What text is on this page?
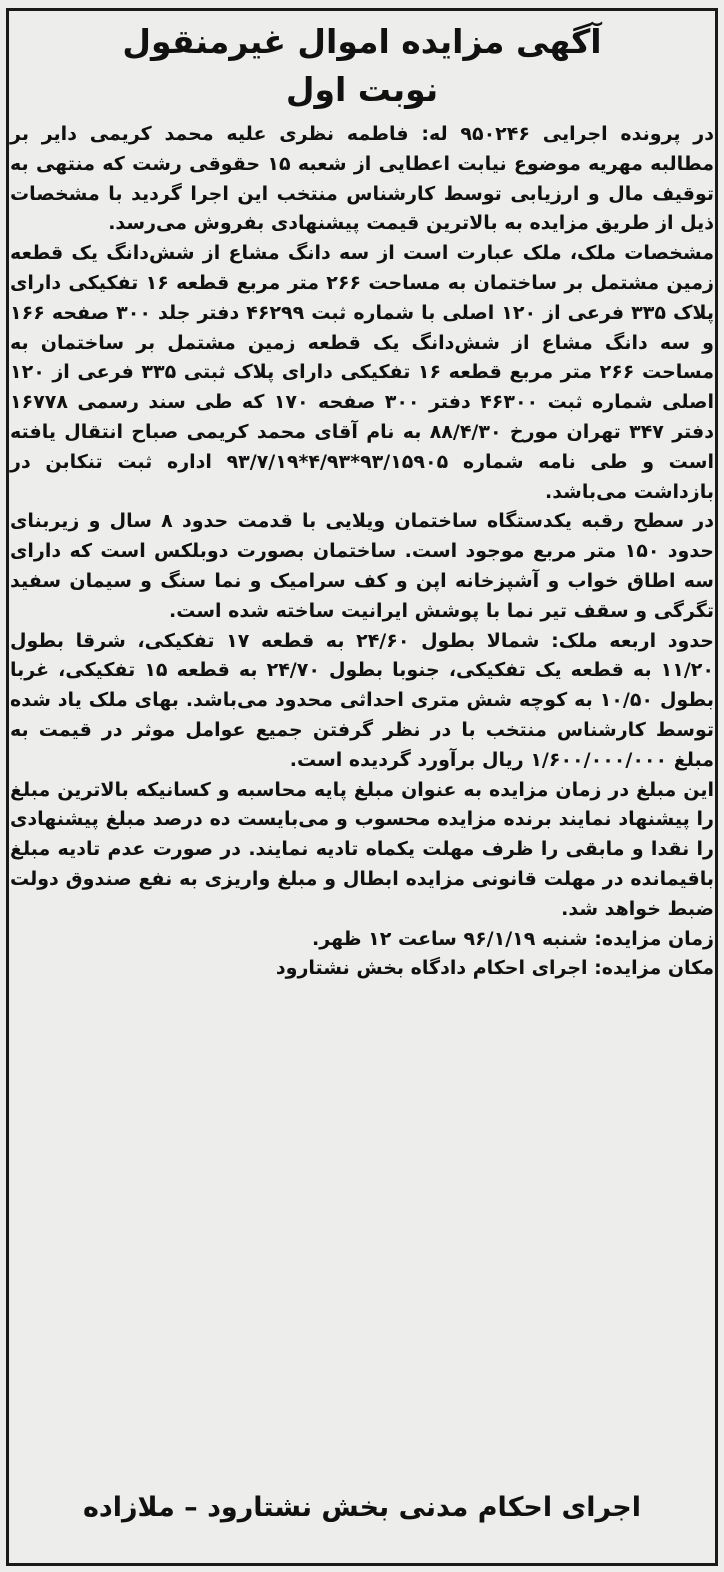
آگهی مزایده اموال غیرمنقول
نوبت اول

در پرونده اجرایی ۹۵۰۲۴۶ له: فاطمه نظری علیه محمد کریمی دایر بر مطالبه مهریه موضوع نیابت اعطایی از شعبه ۱۵ حقوقی رشت که منتهی به توقیف مال و ارزیابی توسط کارشناس منتخب این اجرا گردید با مشخصات ذیل از طریق مزایده به بالاترین قیمت پیشنهادی بفروش می‌رسد.

مشخصات ملک، ملک عبارت است از سه دانگ مشاع از شش‌دانگ یک قطعه زمین مشتمل بر ساختمان به مساحت ۲۶۶ متر مربع قطعه ۱۶ تفکیکی دارای پلاک ۳۳۵ فرعی از ۱۲۰ اصلی با شماره ثبت ۴۶۲۹۹ دفتر جلد ۳۰۰ صفحه ۱۶۶ و سه دانگ مشاع از شش‌دانگ یک قطعه زمین مشتمل بر ساختمان به مساحت ۲۶۶ متر مربع قطعه ۱۶ تفکیکی دارای پلاک ثبتی ۳۳۵ فرعی از ۱۲۰ اصلی شماره ثبت ۴۶۳۰۰ دفتر ۳۰۰ صفحه ۱۷۰ که طی سند رسمی ۱۶۷۷۸ دفتر ۳۴۷ تهران مورخ ۸۸/۴/۳۰ به نام آقای محمد کریمی صباح انتقال یافته است و طی نامه شماره ۹۳/۱۵۹۰۵*۴/۹۳*۹۳/۷/۱۹ اداره ثبت تنکابن در بازداشت می‌باشد.

در سطح رقبه یکدستگاه ساختمان ویلایی با قدمت حدود ۸ سال و زیربنای حدود ۱۵۰ متر مربع موجود است. ساختمان بصورت دوبلکس است که دارای سه اطاق خواب و آشپزخانه اپن و کف سرامیک و نما سنگ و سیمان سفید تگرگی و سقف تیر نما با پوشش ایرانیت ساخته شده است.

حدود اربعه ملک: شمالا بطول ۲۴/۶۰ به قطعه ۱۷ تفکیکی، شرقا بطول ۱۱/۲۰ به قطعه یک تفکیکی، جنوبا بطول ۲۴/۷۰ به قطعه ۱۵ تفکیکی، غربا بطول ۱۰/۵۰ به کوچه شش متری احداثی محدود می‌باشد. بهای ملک یاد شده توسط کارشناس منتخب با در نظر گرفتن جمیع عوامل موثر در قیمت به مبلغ ۱/۶۰۰/۰۰۰/۰۰۰ ریال برآورد گردیده است.

این مبلغ در زمان مزایده به عنوان مبلغ پایه محاسبه و کسانیکه بالاترین مبلغ را پیشنهاد نمایند برنده مزایده محسوب و می‌بایست ده درصد مبلغ پیشنهادی را نقدا و مابقی را ظرف مهلت یکماه تادیه نمایند. در صورت عدم تادیه مبلغ باقیمانده در مهلت قانونی مزایده ابطال و مبلغ واریزی به نفع صندوق دولت ضبط خواهد شد.

زمان مزایده: شنبه ۹۶/۱/۱۹ ساعت ۱۲ ظهر.

مکان مزایده: اجرای احکام دادگاه بخش نشتارود

اجرای احکام مدنی بخش نشتارود – ملازاده
